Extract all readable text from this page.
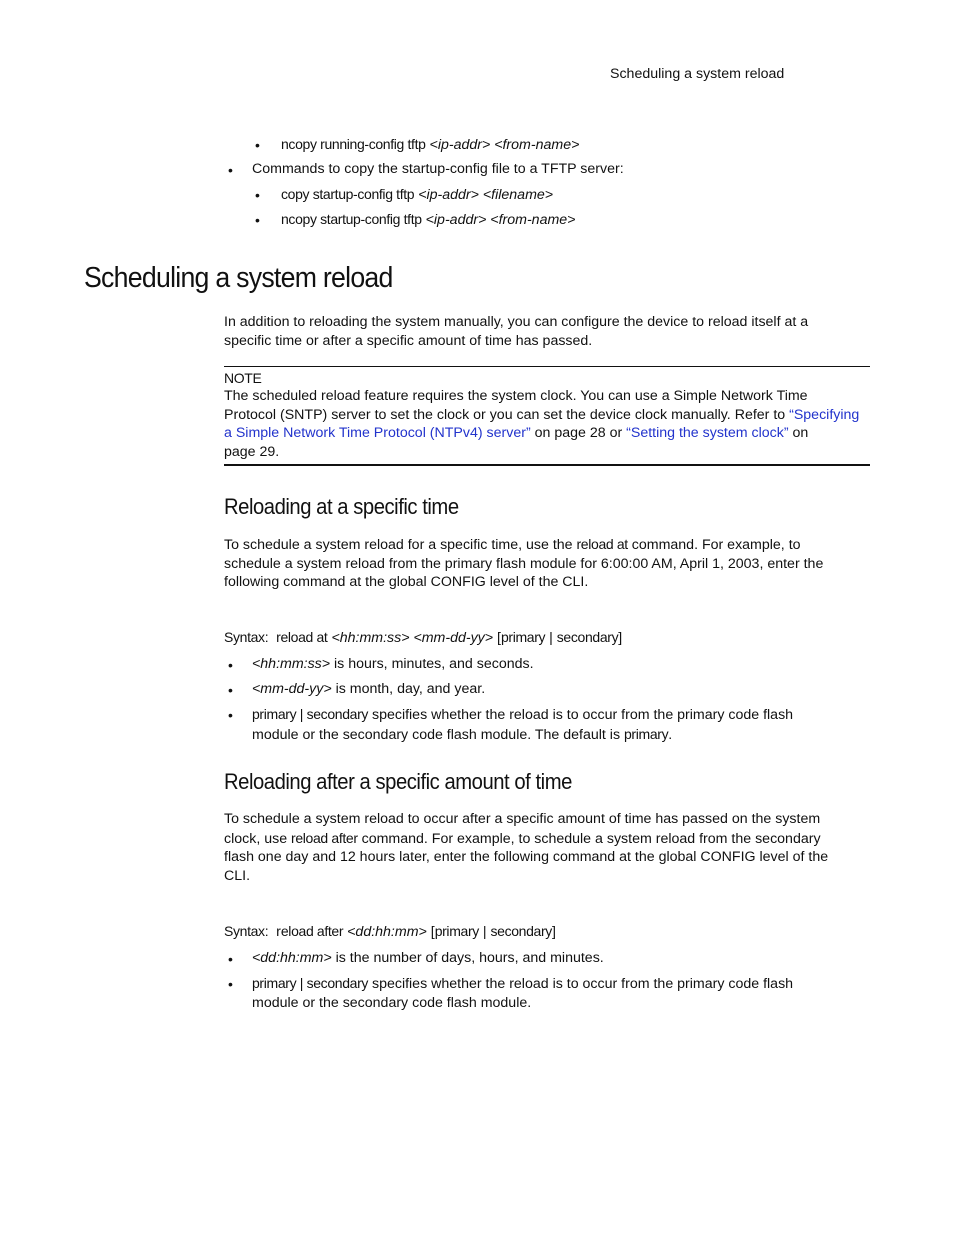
Scheduling a system reload
• ncopy running-config tftp <ip-addr> <from-name>
• Commands to copy the startup-config file to a TFTP server:
• copy startup-config tftp <ip-addr> <filename>
• ncopy startup-config tftp <ip-addr> <from-name>
Scheduling a system reload
In addition to reloading the system manually, you can configure the device to reload itself at a
specific time or after a specific amount of time has passed.
NOTE
The scheduled reload feature requires the system clock. You can use a Simple Network Time
Protocol (SNTP) server to set the clock or you can set the device clock manually. Refer to “Specifying
a Simple Network Time Protocol (NTPv4) server” on page 28 or “Setting the system clock” on
page 29.
Reloading at a specific time
To schedule a system reload for a specific time, use the reload at command. For example, to
schedule a system reload from the primary flash module for 6:00:00 AM, April 1, 2003, enter the
following command at the global CONFIG level of the CLI.
Syntax: reload at <hh:mm:ss> <mm-dd-yy> [primary | secondary]
• <hh:mm:ss> is hours, minutes, and seconds.
• <mm-dd-yy> is month, day, and year.
• primary | secondary specifies whether the reload is to occur from the primary code flash
module or the secondary code flash module. The default is primary.
Reloading after a specific amount of time
To schedule a system reload to occur after a specific amount of time has passed on the system
clock, use reload after command. For example, to schedule a system reload from the secondary
flash one day and 12 hours later, enter the following command at the global CONFIG level of the
CLI.
Syntax: reload after <dd:hh:mm> [primary | secondary]
• <dd:hh:mm> is the number of days, hours, and minutes.
• primary | secondary specifies whether the reload is to occur from the primary code flash
module or the secondary code flash module.
